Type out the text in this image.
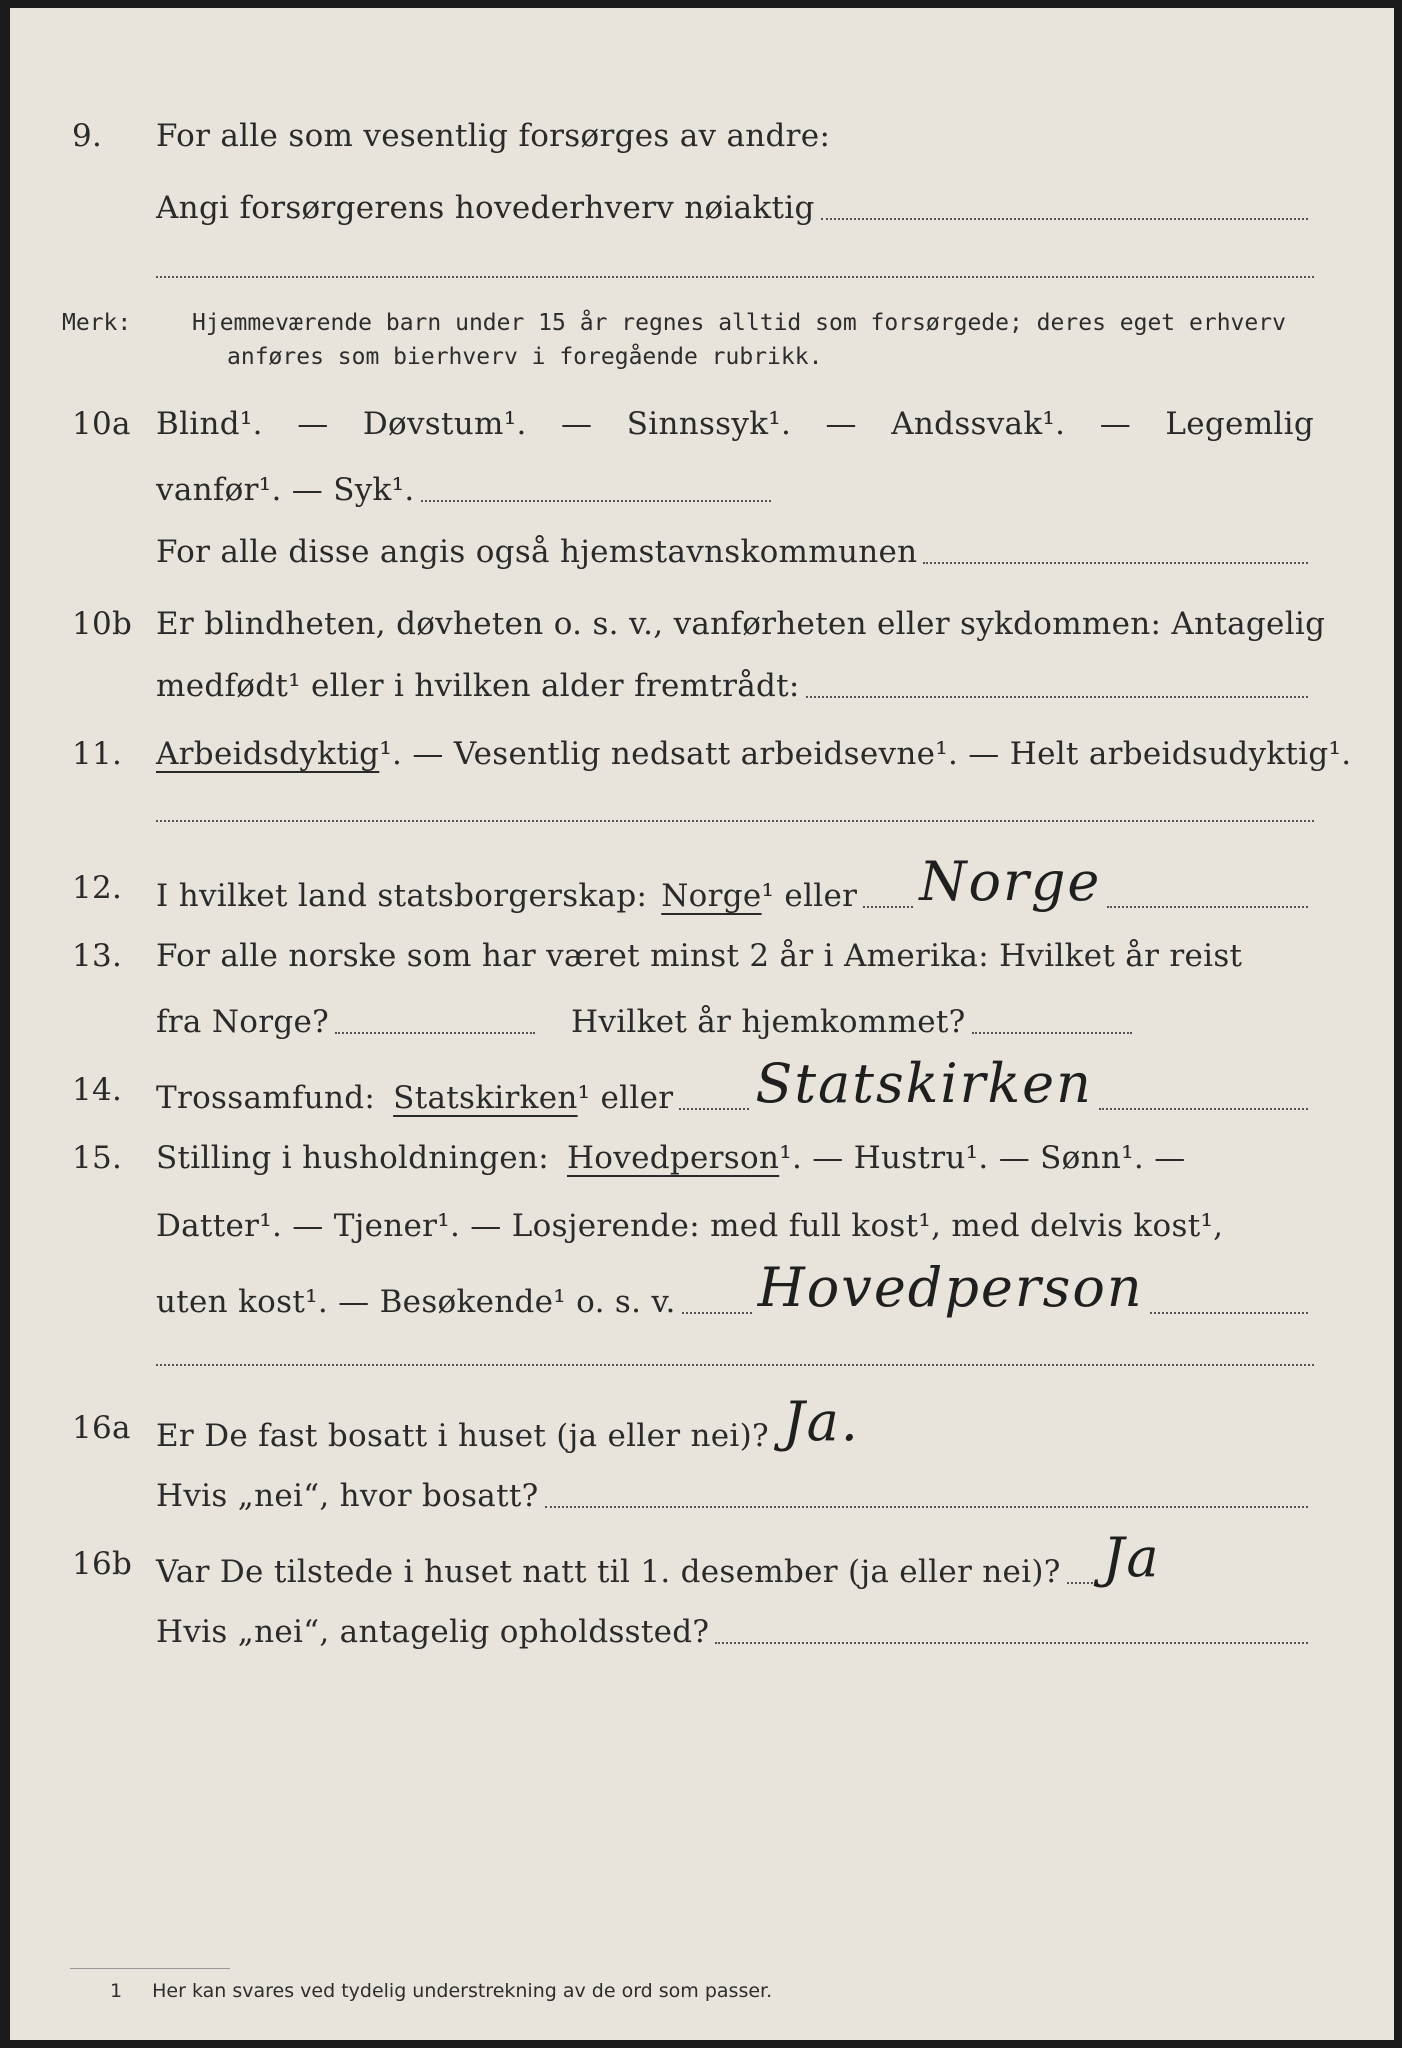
9. For alle som vesentlig forsørges av andre:
Angi forsørgerens hovederhverv nøiaktig
Merk:	Hjemmeværende barn under 15 år regnes alltid som forsørgede; deres eget erhverv
anføres som bierhverv i foregående rubrikk.
10a Blind¹. — Døvstum¹. — Sinnssyk¹. — Andssvak¹. — Legemlig
vanfør¹. — Syk¹.
For alle disse angis også hjemstavnskommunen
10b Er blindheten, døvheten o. s. v., vanførheten eller sykdommen: Antagelig
medfødt¹ eller i hvilken alder fremtrådt:
11. Arbeidsdyktig ¹. — Vesentlig nedsatt arbeidsevne¹. — Helt arbeidsudyktig¹.
12. I hvilket land statsborgerskap: Norge ¹ eller Norge
13. For alle norske som har været minst 2 år i Amerika: Hvilket år reist
fra Norge?	Hvilket år hjemkommet?
14. Trossamfund: Statskirken ¹ eller Statskirken
15. Stilling i husholdningen: Hovedperson ¹. — Hustru¹. — Sønn¹. —
Datter¹. — Tjener¹. — Losjerende: med full kost¹, med delvis kost¹,
uten kost¹. — Besøkende¹ o. s. v. Hovedperson
16a Er De fast bosatt i huset (ja eller nei)? Ja.
Hvis „nei“, hvor bosatt?
16b Var De tilstede i huset natt til 1. desember (ja eller nei)? Ja
Hvis „nei“, antagelig opholdssted?
1 Her kan svares ved tydelig understrekning av de ord som passer.
